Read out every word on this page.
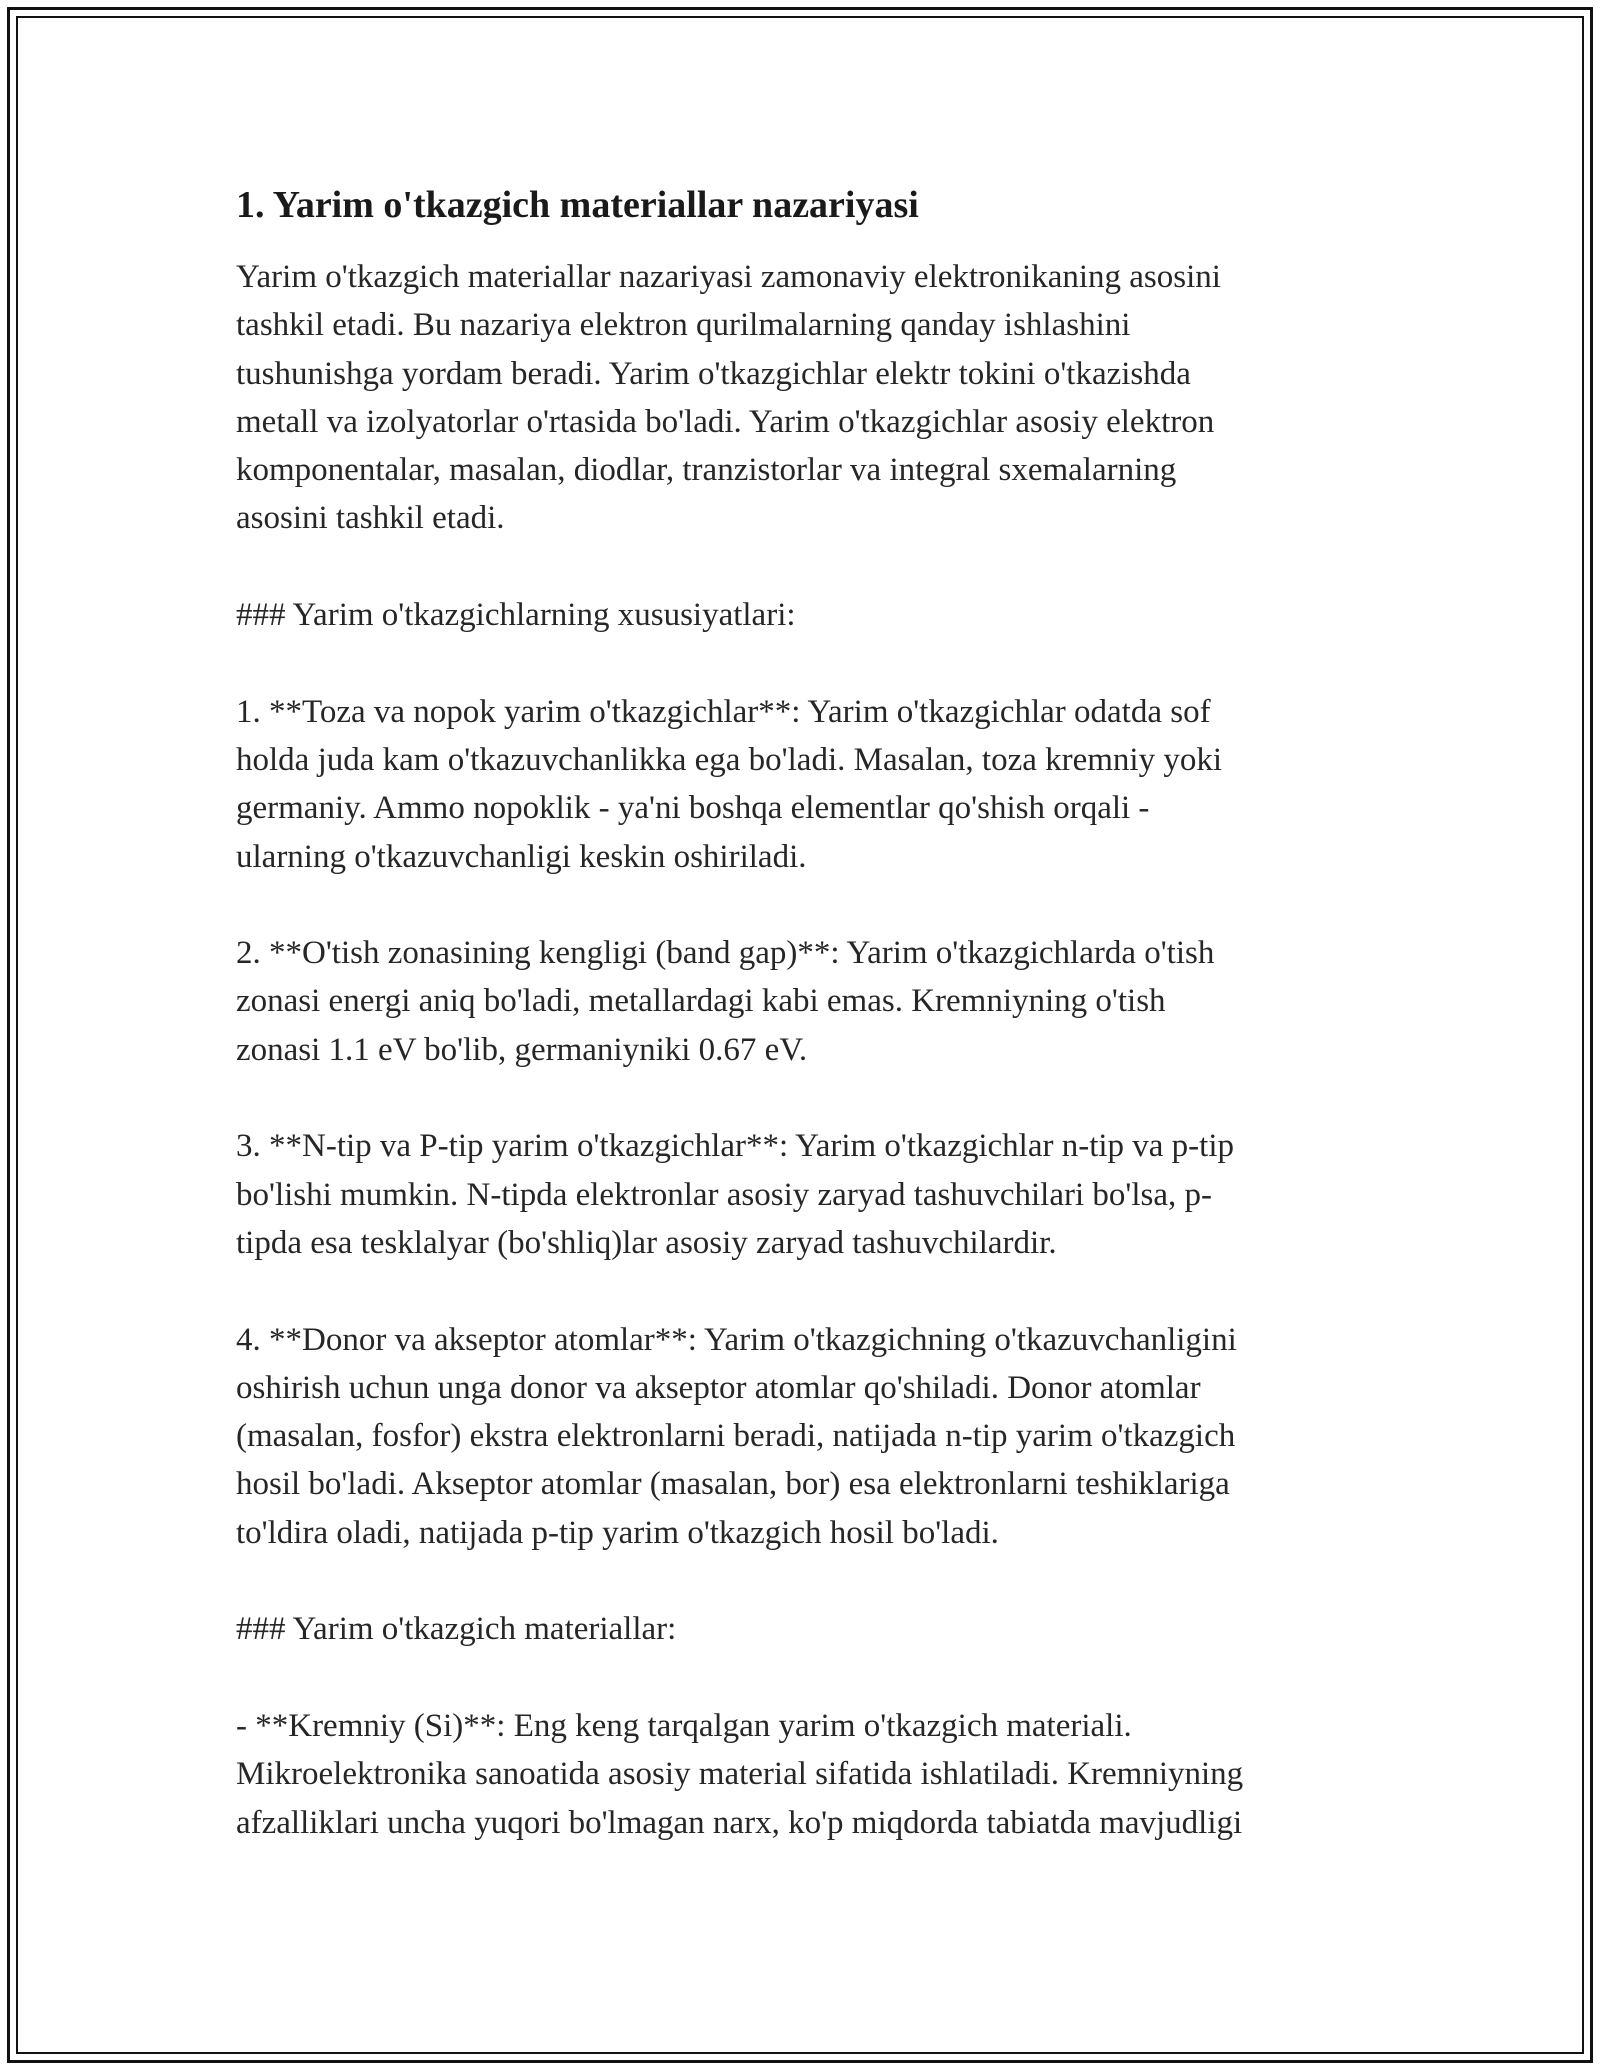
1. Yarim o'tkazgich materiallar nazariyasi

Yarim o'tkazgich materiallar nazariyasi zamonaviy elektronikaning asosini
tashkil etadi. Bu nazariya elektron qurilmalarning qanday ishlashini
tushunishga yordam beradi. Yarim o'tkazgichlar elektr tokini o'tkazishda
metall va izolyatorlar o'rtasida bo'ladi. Yarim o'tkazgichlar asosiy elektron
komponentalar, masalan, diodlar, tranzistorlar va integral sxemalarning
asosini tashkil etadi.

### Yarim o'tkazgichlarning xususiyatlari:

1. **Toza va nopok yarim o'tkazgichlar**: Yarim o'tkazgichlar odatda sof
holda juda kam o'tkazuvchanlikka ega bo'ladi. Masalan, toza kremniy yoki
germaniy. Ammo nopoklik - ya'ni boshqa elementlar qo'shish orqali -
ularning o'tkazuvchanligi keskin oshiriladi.

2. **O'tish zonasining kengligi (band gap)**: Yarim o'tkazgichlarda o'tish
zonasi energi aniq bo'ladi, metallardagi kabi emas. Kremniyning o'tish
zonasi 1.1 eV bo'lib, germaniyniki 0.67 eV.

3. **N-tip va P-tip yarim o'tkazgichlar**: Yarim o'tkazgichlar n-tip va p-tip
bo'lishi mumkin. N-tipda elektronlar asosiy zaryad tashuvchilari bo'lsa, p-
tipda esa tesklalyar (bo'shliq)lar asosiy zaryad tashuvchilardir.

4. **Donor va akseptor atomlar**: Yarim o'tkazgichning o'tkazuvchanligini
oshirish uchun unga donor va akseptor atomlar qo'shiladi. Donor atomlar
(masalan, fosfor) ekstra elektronlarni beradi, natijada n-tip yarim o'tkazgich
hosil bo'ladi. Akseptor atomlar (masalan, bor) esa elektronlarni teshiklariga
to'ldira oladi, natijada p-tip yarim o'tkazgich hosil bo'ladi.

### Yarim o'tkazgich materiallar:

- **Kremniy (Si)**: Eng keng tarqalgan yarim o'tkazgich materiali.
Mikroelektronika sanoatida asosiy material sifatida ishlatiladi. Kremniyning
afzalliklari uncha yuqori bo'lmagan narx, ko'p miqdorda tabiatda mavjudligi
